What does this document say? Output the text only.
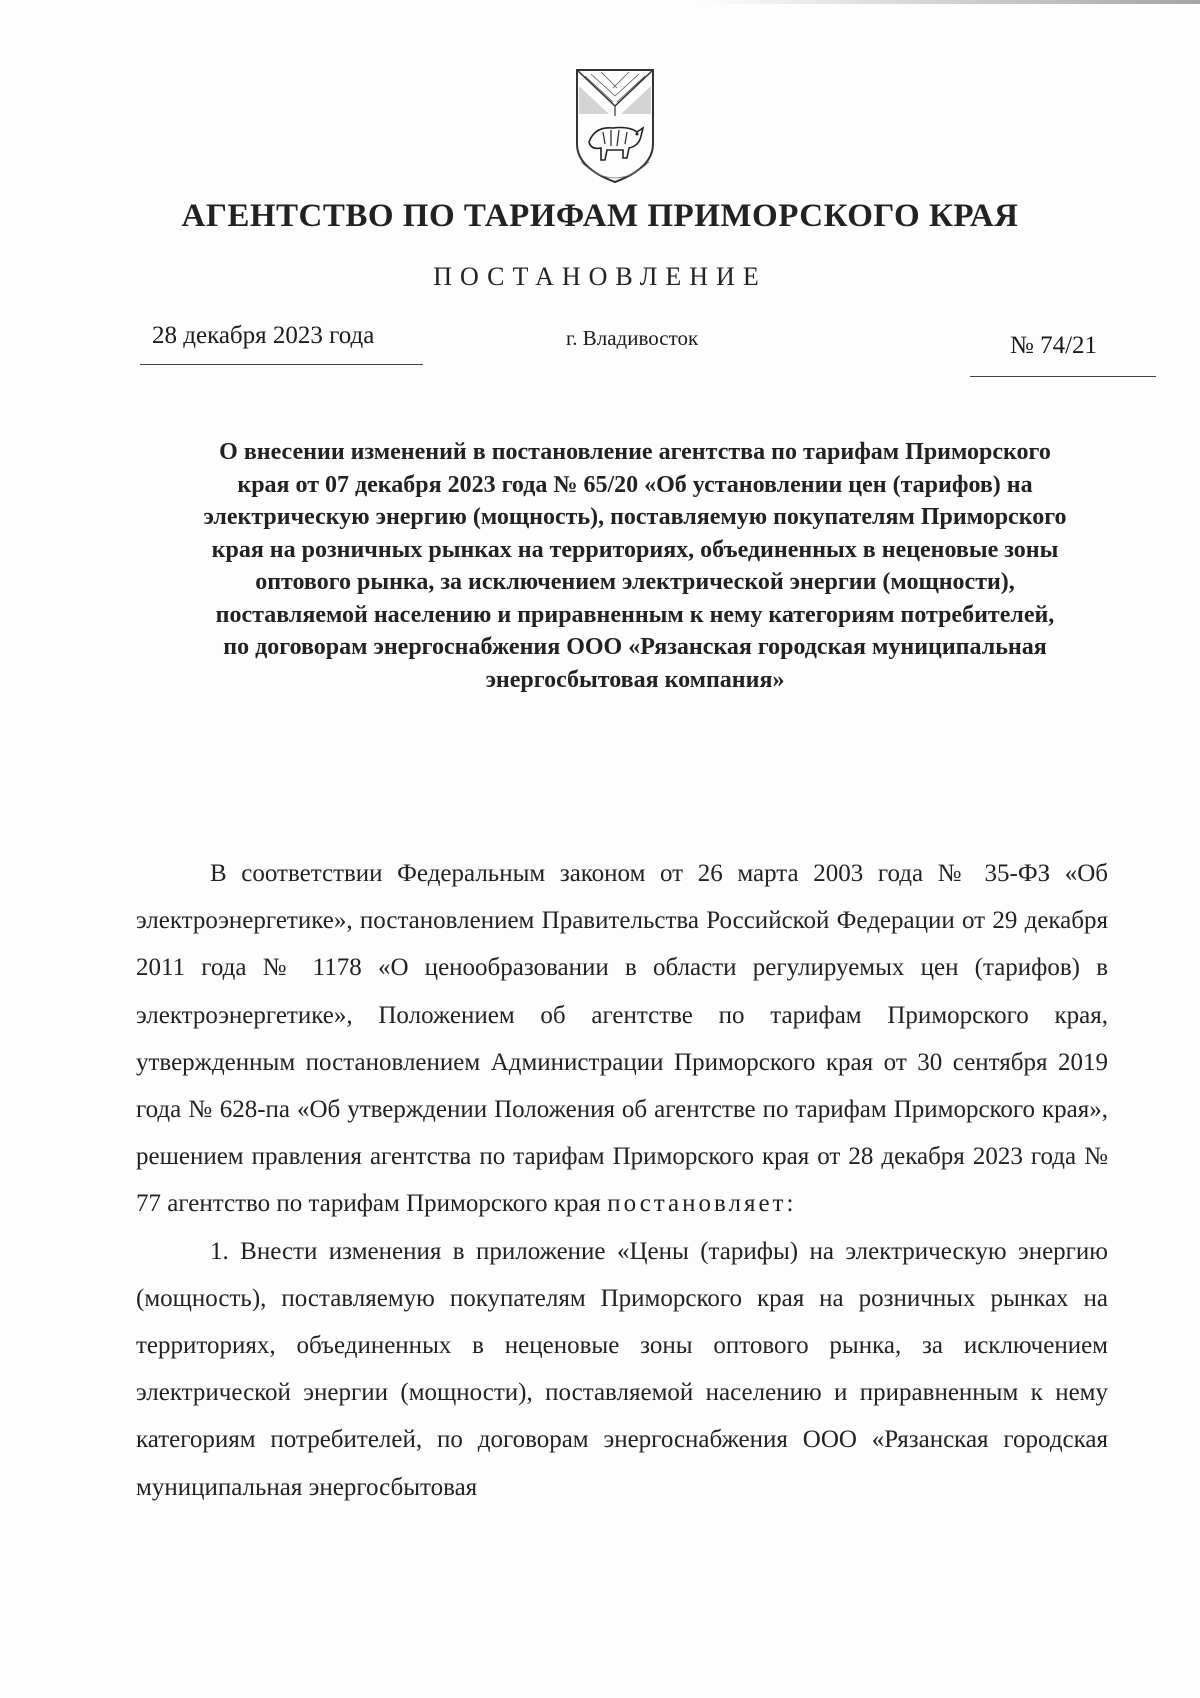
АГЕНТСТВО ПО ТАРИФАМ ПРИМОРСКОГО КРАЯ
ПОСТАНОВЛЕНИЕ
28 декабря 2023 года	г. Владивосток	№ 74/21
О внесении изменений в постановление агентства по тарифам Приморского края от 07 декабря 2023 года № 65/20 «Об установлении цен (тарифов) на электрическую энергию (мощность), поставляемую покупателям Приморского края на розничных рынках на территориях, объединенных в неценовые зоны оптового рынка, за исключением электрической энергии (мощности), поставляемой населению и приравненным к нему категориям потребителей, по договорам энергоснабжения ООО «Рязанская городская муниципальная энергосбытовая компания»

В соответствии Федеральным законом от 26 марта 2003 года № 35-ФЗ «Об электроэнергетике», постановлением Правительства Российской Федерации от 29 декабря 2011 года № 1178 «О ценообразовании в области регулируемых цен (тарифов) в электроэнергетике», Положением об агентстве по тарифам Приморского края, утвержденным постановлением Администрации Приморского края от 30 сентября 2019 года № 628-па «Об утверждении Положения об агентстве по тарифам Приморского края», решением правления агентства по тарифам Приморского края от 28 декабря 2023 года № 77 агентство по тарифам Приморского края постановляет:

1. Внести изменения в приложение «Цены (тарифы) на электрическую энергию (мощность), поставляемую покупателям Приморского края на розничных рынках на территориях, объединенных в неценовые зоны оптового рынка, за исключением электрической энергии (мощности), поставляемой населению и приравненным к нему категориям потребителей, по договорам энергоснабжения ООО «Рязанская городская муниципальная энергосбытовая
